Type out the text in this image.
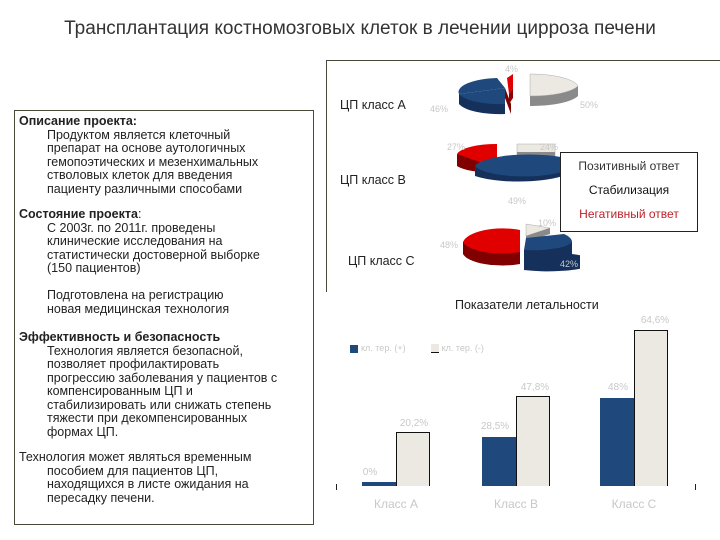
Трансплантация костномозговых клеток в лечении цирроза печени
Описание проекта:
Продуктом является клеточный
препарат на основе аутологичных
гемопоэтических и мезенхимальных
стволовых клеток для введения
пациенту различными способами
Состояние проекта:
С 2003г. по 2011г. проведены
клинические исследования на
статистически достоверной выборке
(150 пациентов)
Подготовлена на регистрацию
новая медицинская технология
Эффективность и безопасность
Технология является безопасной,
позволяет профилактировать
прогрессию заболевания у пациентов с
компенсированным ЦП и
стабилизировать или снижать степень
тяжести при декомпенсированных
формах ЦП.
Технология может являться временным
пособием для пациентов ЦП,
находящихся в листе ожидания на
пересадку печени.
ЦП класс А
ЦП класс В
ЦП класс С
46%
4%
50%
27%	24%
49%
48%
10%
42%
Позитивный ответ
Стабилизация
Негативный ответ
Показатели летальности
кл. тер. (+)	кл. тер. (-)
0%
20,2%	28,5%
47,8%	48%
64,6%
Класс А	Класс В	Класс С
